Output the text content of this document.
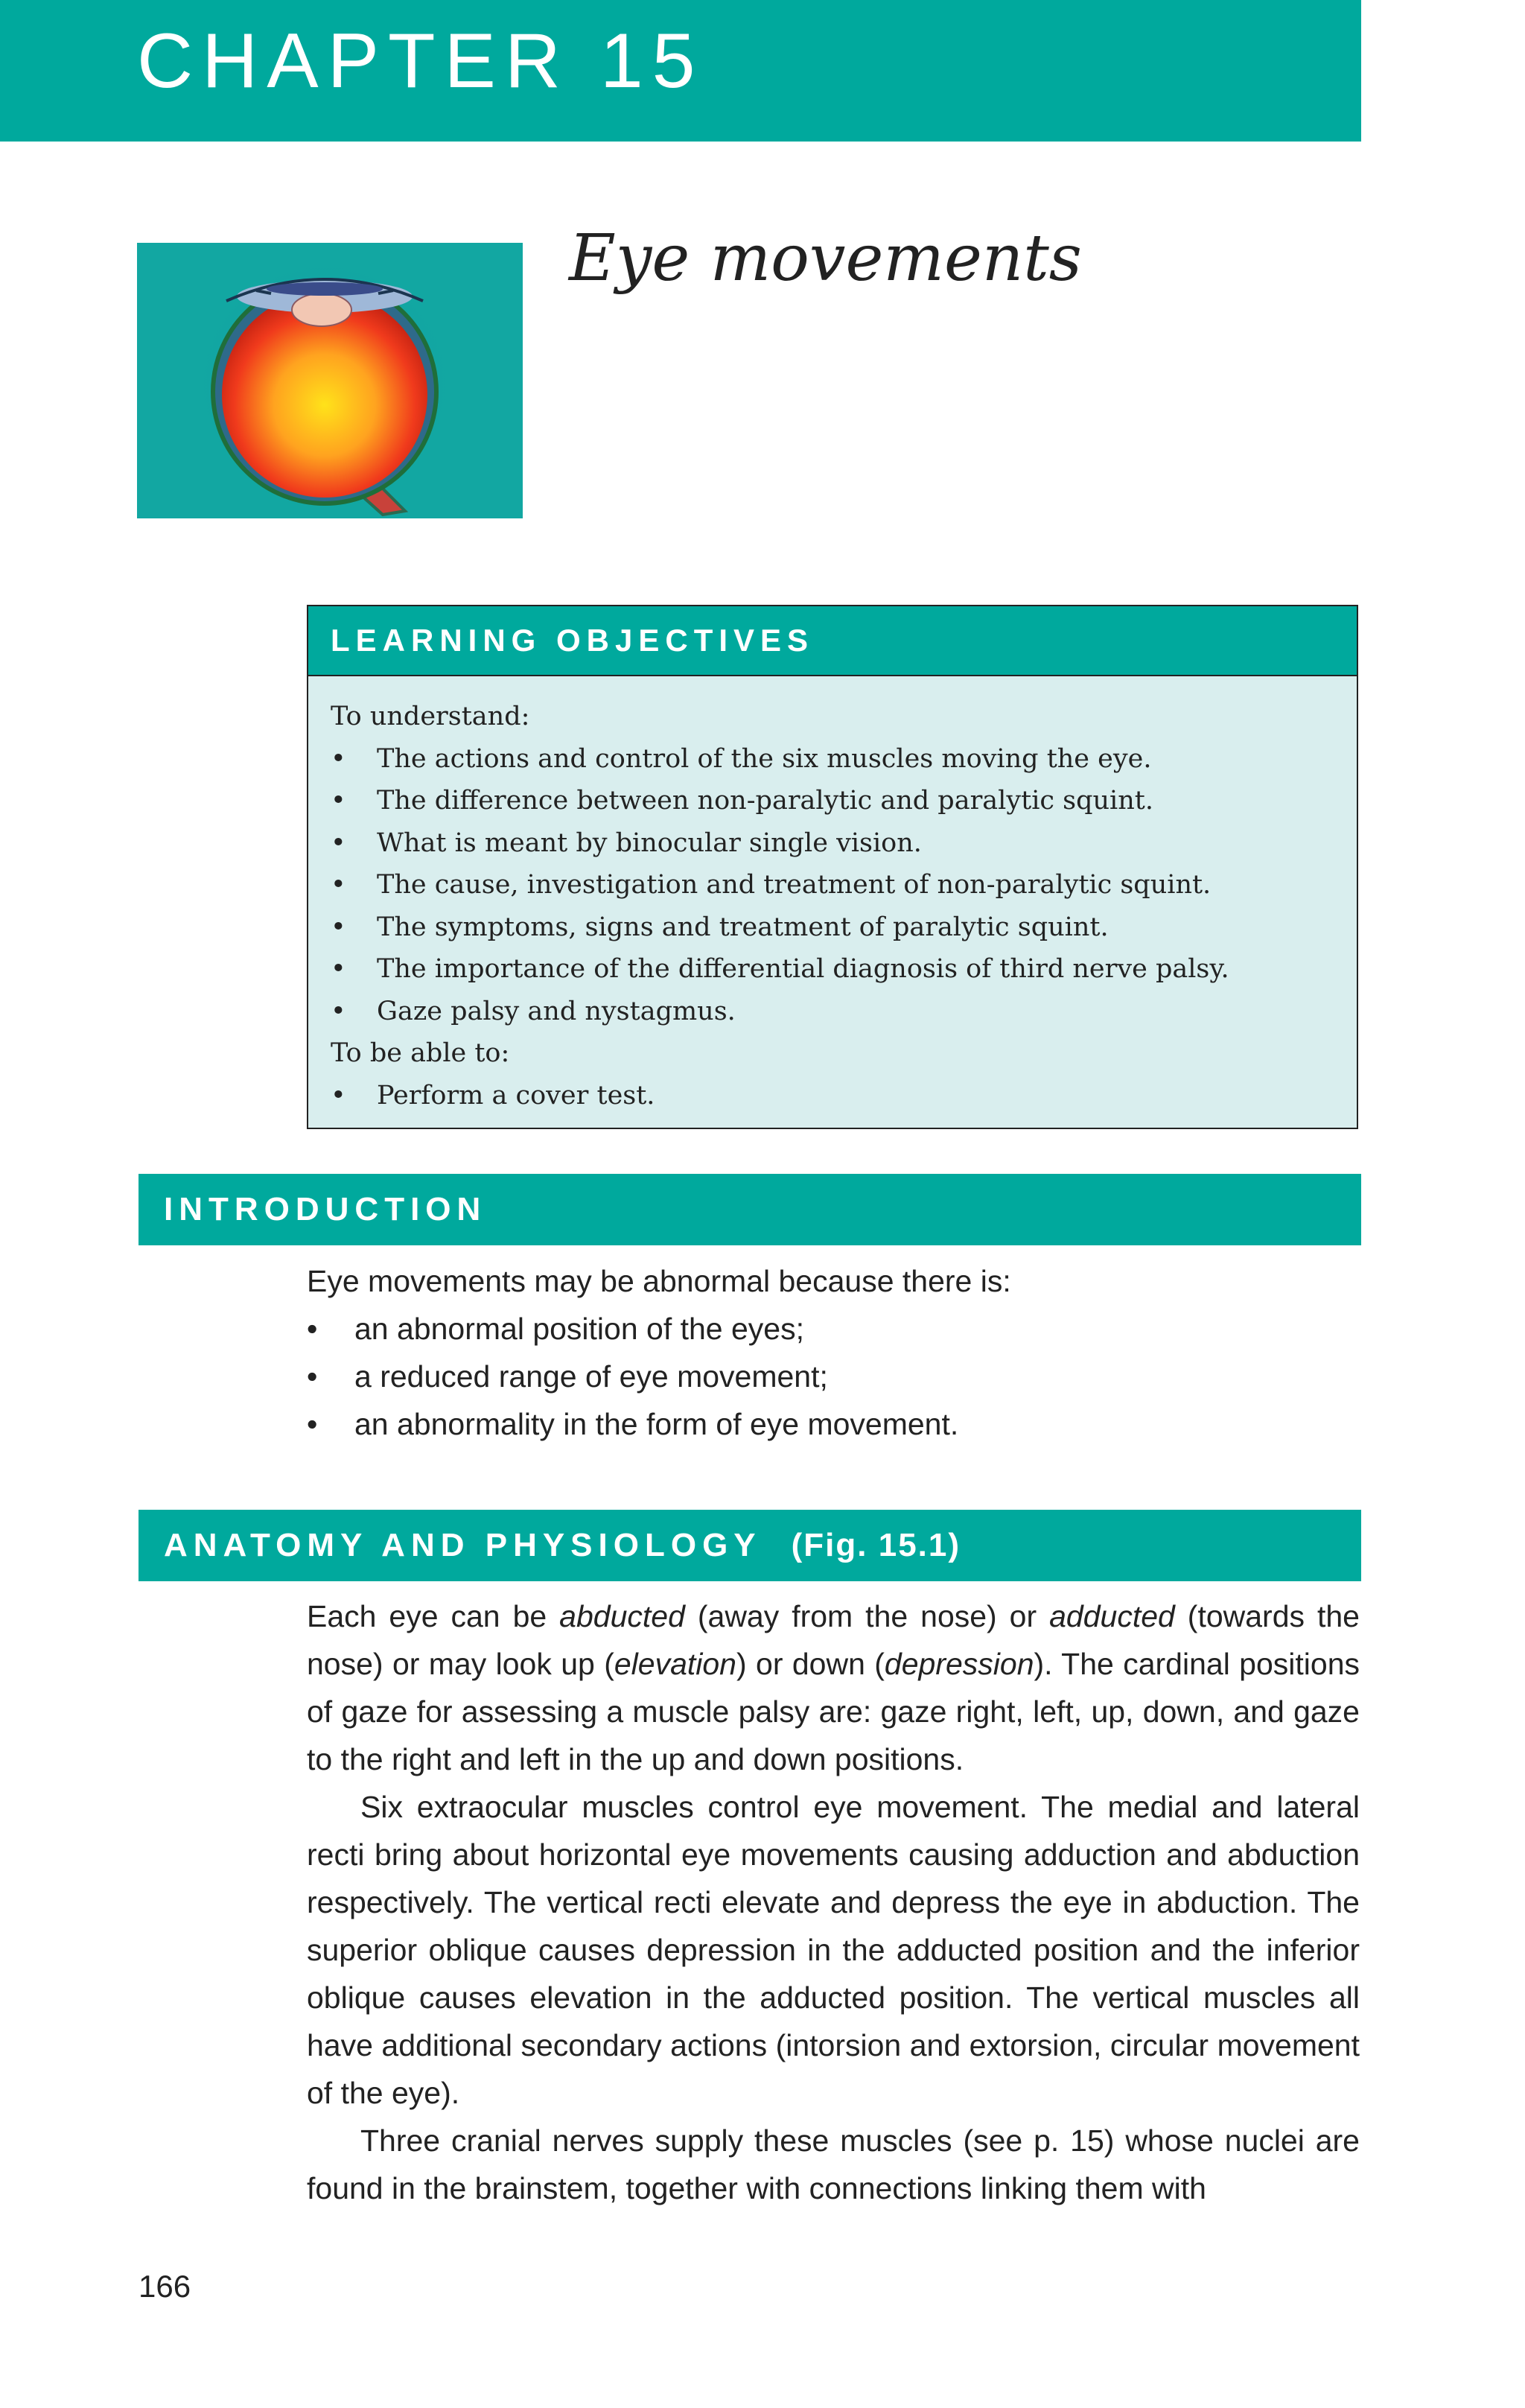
CHAPTER 15
Eye movements
LEARNING OBJECTIVES
To understand:
•	The actions and control of the six muscles moving the eye.
•	The difference between non-paralytic and paralytic squint.
•	What is meant by binocular single vision.
•	The cause, investigation and treatment of non-paralytic squint.
•	The symptoms, signs and treatment of paralytic squint.
•	The importance of the differential diagnosis of third nerve palsy.
•	Gaze palsy and nystagmus.
To be able to:
•	Perform a cover test.
INTRODUCTION
Eye movements may be abnormal because there is:
•	an abnormal position of the eyes;
•	a reduced range of eye movement;
•	an abnormality in the form of eye movement.
ANATOMY AND PHYSIOLOGY (Fig. 15.1)

Each eye can be abducted (away from the nose) or adducted (towards the nose) or may look up (elevation) or down (depression). The cardinal positions of gaze for assessing a muscle palsy are: gaze right, left, up, down, and gaze to the right and left in the up and down positions.

Six extraocular muscles control eye movement. The medial and lateral recti bring about horizontal eye movements causing adduction and abduction respectively. The vertical recti elevate and depress the eye in abduction. The superior oblique causes depression in the adducted position and the inferior oblique causes elevation in the adducted position. The vertical muscles all have additional secondary actions (intorsion and extorsion, circular movement of the eye).

Three cranial nerves supply these muscles (see p. 15) whose nuclei are found in the brainstem, together with connections linking them with

166
